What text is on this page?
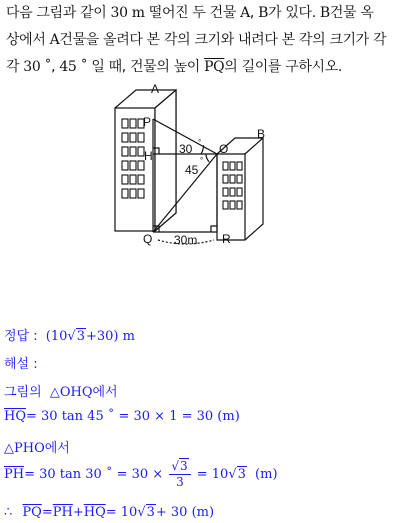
다음 그림과 같이 30 m 떨어진 두 건물 A, B가 있다. B건물 옥
상에서 A건물을 올려다 본 각의 크기와 내려다 본 각의 크기가 각
각 30 ˚, 45 ˚ 일 때, 건물의 높이 $\overline{PQ}$의 길이를 구하시오.
A
B
P
O
H
Q	R
30 °
45
°
30m
정답 : (10√3+30) m
해설 :
그림의 △OHQ에서
$\overline{HQ}= 30$ tan 45 ˚ = 30 × 1 = 30 (m)
△PHO에서
$\overline{PH}= 30$ tan 30 ˚ = $30 \times \frac{√3}{3} = 10√3$ (m)
∴ $\overline{PQ}=\overline{PH}+\overline{HQ}= 10√3+ 30$ (m)
